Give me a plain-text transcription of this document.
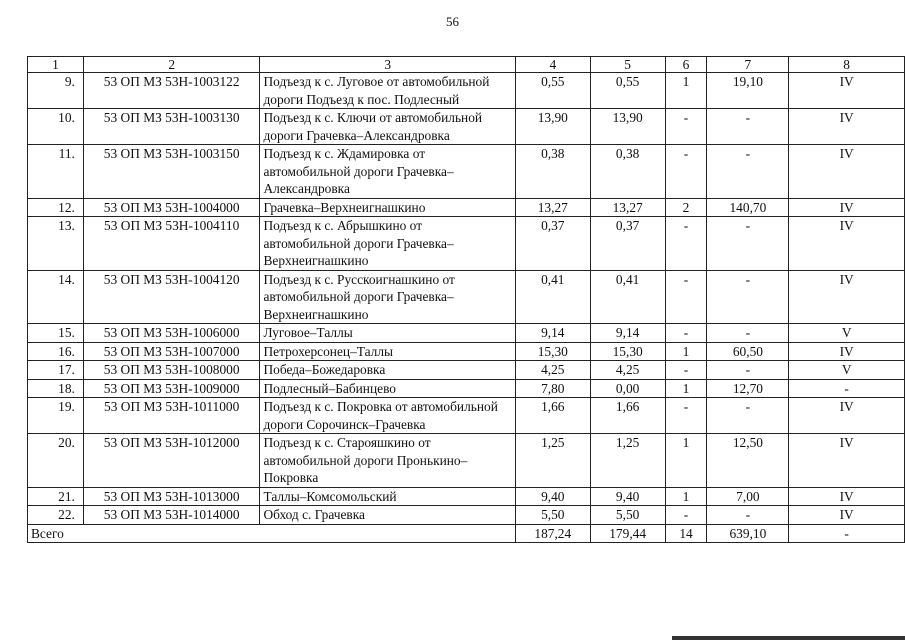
56
1	2	3	4	5	6	7	8
9.	53 ОП МЗ 53Н-1003122	Подъезд к с. Луговое от автомобильной дороги Подъезд к пос. Подлесный	0,55	0,55	1	19,10	IV
10.	53 ОП МЗ 53Н-1003130	Подъезд к с. Ключи от автомобильной дороги Грачевка–Александровка	13,90	13,90	-	-	IV
11.	53 ОП МЗ 53Н-1003150	Подъезд к с. Ждамировка от автомобильной дороги Грачевка–Александровка	0,38	0,38	-	-	IV
12.	53 ОП МЗ 53Н-1004000	Грачевка–Верхнеигнашкино	13,27	13,27	2	140,70	IV
13.	53 ОП МЗ 53Н-1004110	Подъезд к с. Абрышкино от автомобильной дороги Грачевка–Верхнеигнашкино	0,37	0,37	-	-	IV
14.	53 ОП МЗ 53Н-1004120	Подъезд к с. Русскоигнашкино от автомобильной дороги Грачевка–Верхнеигнашкино	0,41	0,41	-	-	IV
15.	53 ОП МЗ 53Н-1006000	Луговое–Таллы	9,14	9,14	-	-	V
16.	53 ОП МЗ 53Н-1007000	Петрохерсонец–Таллы	15,30	15,30	1	60,50	IV
17.	53 ОП МЗ 53Н-1008000	Победа–Божедаровка	4,25	4,25	-	-	V
18.	53 ОП МЗ 53Н-1009000	Подлесный–Бабинцево	7,80	0,00	1	12,70	-
19.	53 ОП МЗ 53Н-1011000	Подъезд к с. Покровка от автомобильной дороги Сорочинск–Грачевка	1,66	1,66	-	-	IV
20.	53 ОП МЗ 53Н-1012000	Подъезд к с. Старояшкино от автомобильной дороги Пронькино–Покровка	1,25	1,25	1	12,50	IV
21.	53 ОП МЗ 53Н-1013000	Таллы–Комсомольский	9,40	9,40	1	7,00	IV
22.	53 ОП МЗ 53Н-1014000	Обход с. Грачевка	5,50	5,50	-	-	IV
Всего			187,24	179,44	14	639,10	-
